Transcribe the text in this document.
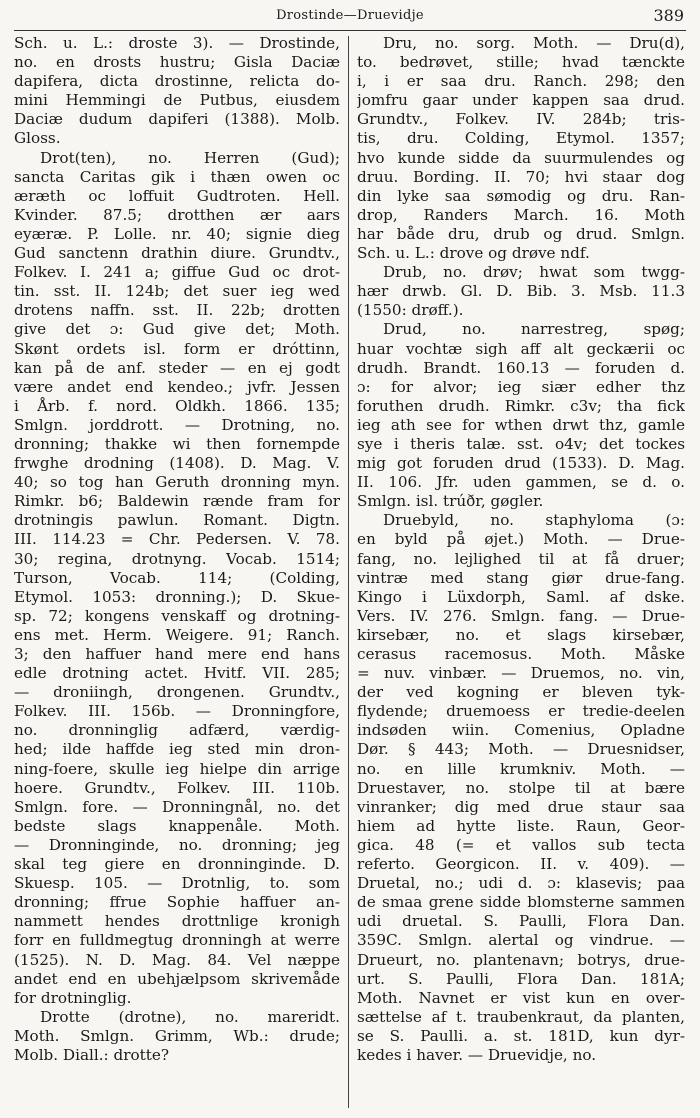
Drostinde—Druevidje	389
Sch. u. L.: droste 3). — Drostinde,
no. en drosts hustru; Gisla Daciæ
dapifera, dicta drostinne, relicta do-
mini Hemmingi de Putbus, eiusdem
Daciæ dudum dapiferi (1388). Molb.
Gloss.
Drot(ten), no. Herren (Gud);
sancta Caritas gik i thæn owen oc
æræth oc loffuit Gudtroten. Hell.
Kvinder. 87.5; drotthen ær aars
eyæræ. P. Lolle. nr. 40; signie dieg
Gud sanctenn drathin diure. Grundtv.,
Folkev. I. 241 a; giffue Gud oc drot-
tin. sst. II. 124b; det suer ieg wed
drotens naffn. sst. II. 22b; drotten
give det ɔ: Gud give det; Moth.
Skønt ordets isl. form er dróttinn,
kan på de anf. steder — en ej godt
være andet end kendeo.; jvfr. Jessen
i Årb. f. nord. Oldkh. 1866. 135;
Smlgn. jorddrott. — Drotning, no.
dronning; thakke wi then fornempde
frwghe drodning (1408). D. Mag. V.
40; so tog han Geruth dronning myn.
Rimkr. b6; Baldewin rænde fram for
drotningis pawlun. Romant. Digtn.
III. 114.23 = Chr. Pedersen. V. 78.
30; regina, drotnyng. Vocab. 1514;
Turson, Vocab. 114; (Colding,
Etymol. 1053: dronning.); D. Skue-
sp. 72; kongens venskaff og drotning-
ens met. Herm. Weigere. 91; Ranch.
3; den haffuer hand mere end hans
edle drotning actet. Hvitf. VII. 285;
— droniingh, drongenen. Grundtv.,
Folkev. III. 156b. — Dronningfore,
no. dronninglig adfærd, værdig-
hed; ilde haffde ieg sted min dron-
ning-foere, skulle ieg hielpe din arrige
hoere. Grundtv., Folkev. III. 110b.
Smlgn. fore. — Dronningnål, no. det
bedste slags knappenåle. Moth.
— Dronninginde, no. dronning; jeg
skal teg giere en dronninginde. D.
Skuesp. 105. — Drotnlig, to. som
dronning; ffrue Sophie haffuer an-
nammett hendes drottnlige kronigh
forr en fulldmegtug dronningh at werre
(1525). N. D. Mag. 84. Vel næppe
andet end en ubehjælpsom skrivemåde
for drotninglig.
Drotte (drotne), no. mareridt.
Moth. Smlgn. Grimm, Wb.: drude;
Molb. Diall.: drotte?
Dru, no. sorg. Moth. — Dru(d),
to. bedrøvet, stille; hvad tænckte
i, i er saa dru. Ranch. 298; den
jomfru gaar under kappen saa drud.
Grundtv., Folkev. IV. 284b; tris-
tis, dru. Colding, Etymol. 1357;
hvo kunde sidde da suurmulendes og
druu. Bording. II. 70; hvi staar dog
din lyke saa sømodig og dru. Ran-
drop, Randers March. 16. Moth
har både dru, drub og drud. Smlgn.
Sch. u. L.: drove og drøve ndf.
Drub, no. drøv; hwat som twgg-
hær drwb. Gl. D. Bib. 3. Msb. 11.3
(1550: drøff.).
Drud, no. narrestreg, spøg;
huar vochtæ sigh aff alt geckærii oc
drudh. Brandt. 160.13 — foruden d.
ɔ: for alvor; ieg siær edher thz
foruthen drudh. Rimkr. c3v; tha fick
ieg ath see for wthen drwt thz, gamle
sye i theris talæ. sst. o4v; det tockes
mig got foruden drud (1533). D. Mag.
II. 106. Jfr. uden gammen, se d. o.
Smlgn. isl. trúðr, gøgler.
Druebyld, no. staphyloma (ɔ:
en byld på øjet.) Moth. — Drue-
fang, no. lejlighed til at få druer;
vintræ med stang giør drue-fang.
Kingo i Lüxdorph, Saml. af dske.
Vers. IV. 276. Smlgn. fang. — Drue-
kirsebær, no. et slags kirsebær,
cerasus racemosus. Moth. Måske
= nuv. vinbær. — Druemos, no. vin,
der ved kogning er bleven tyk-
flydende; druemoess er tredie-deelen
indsøden wiin. Comenius, Opladne
Dør. § 443; Moth. — Druesnidser,
no. en lille krumkniv. Moth. —
Druestaver, no. stolpe til at bære
vinranker; dig med drue staur saa
hiem ad hytte liste. Raun, Geor-
gica. 48 (= et vallos sub tecta
referto. Georgicon. II. v. 409). —
Druetal, no.; udi d. ɔ: klasevis; paa
de smaa grene sidde blomsterne sammen
udi druetal. S. Paulli, Flora Dan.
359C. Smlgn. alertal og vindrue. —
Drueurt, no. plantenavn; botrys, drue-
urt. S. Paulli, Flora Dan. 181A;
Moth. Navnet er vist kun en over-
sættelse af t. traubenkraut, da planten,
se S. Paulli. a. st. 181D, kun dyr-
kedes i haver. — Druevidje, no.
